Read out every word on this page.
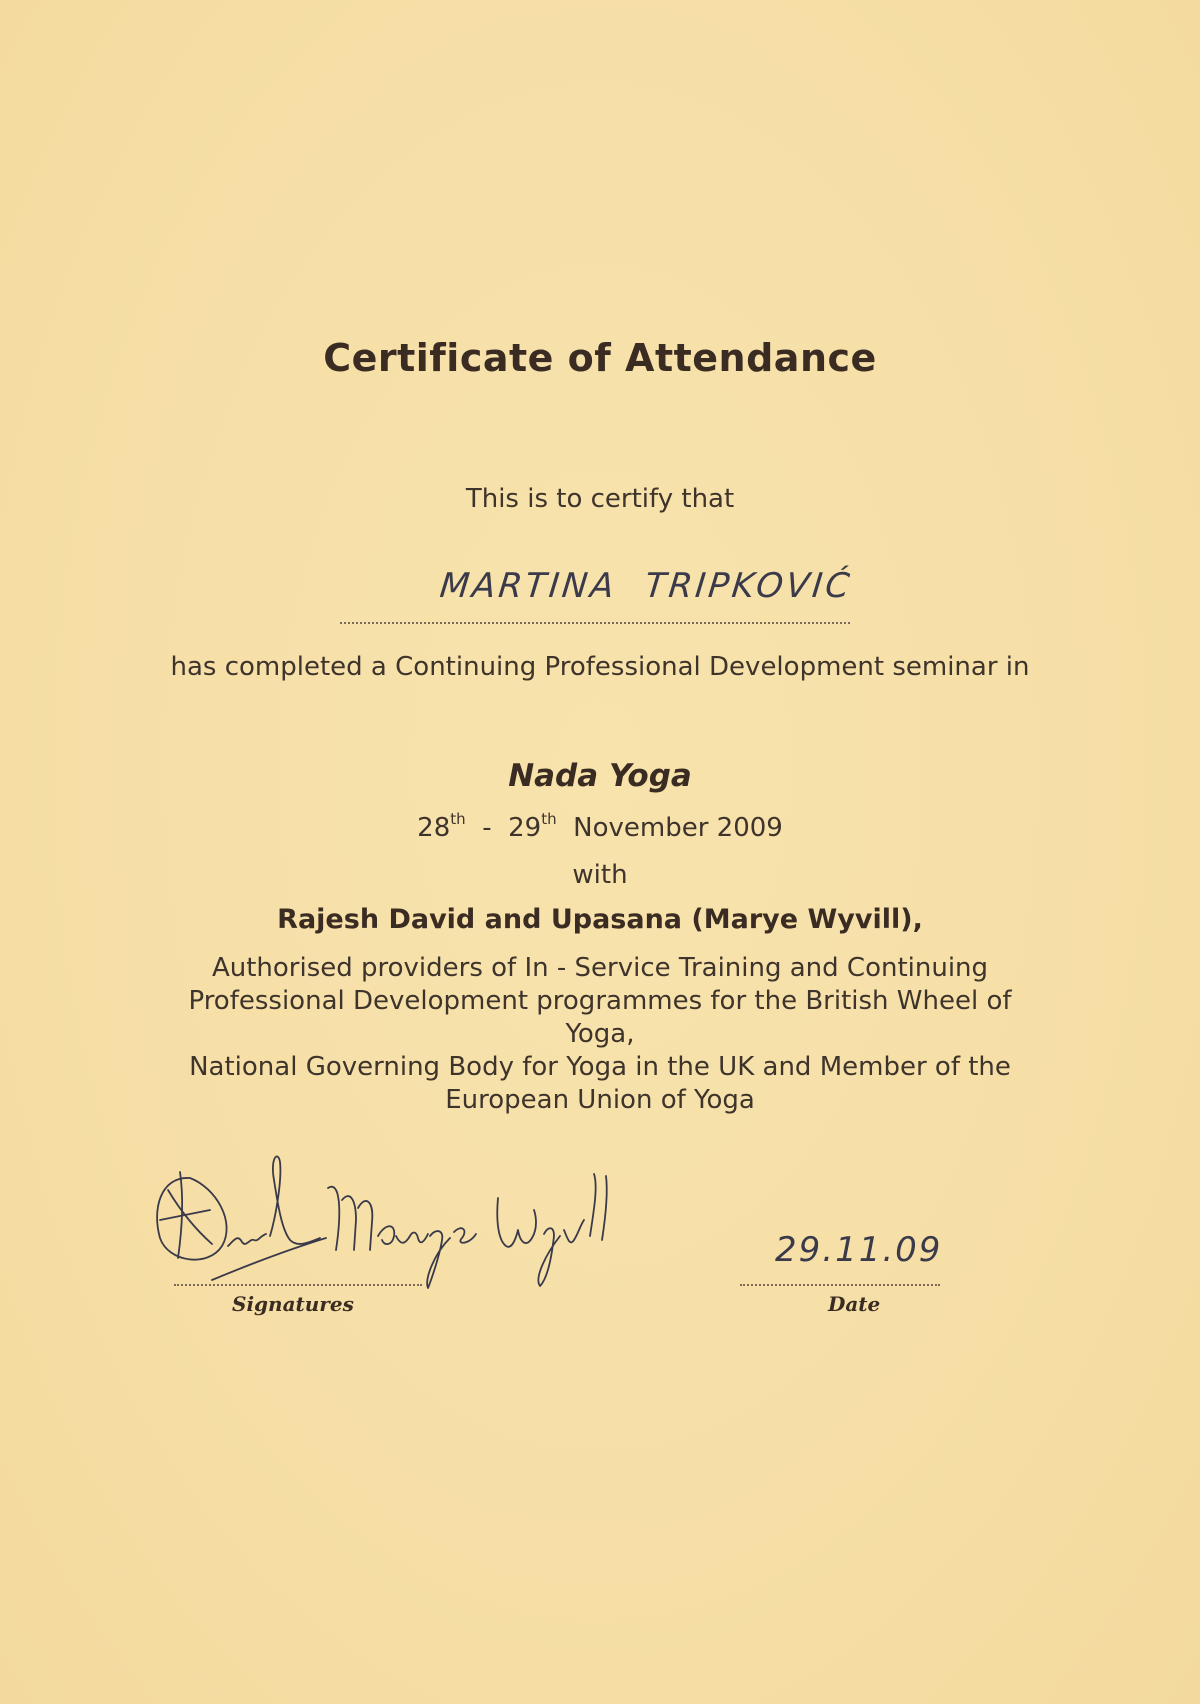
Certificate of Attendance
This is to certify that
MARTINA TRIPKOVIĆ
has completed a Continuing Professional Development seminar in
Nada Yoga
28th - 29th November 2009
with
Rajesh David and Upasana (Marye Wyvill),
Authorised providers of In - Service Training and Continuing
Professional Development programmes for the British Wheel of Yoga,
National Governing Body for Yoga in the UK and Member of the
European Union of Yoga
Signatures
29.11.09
Date
